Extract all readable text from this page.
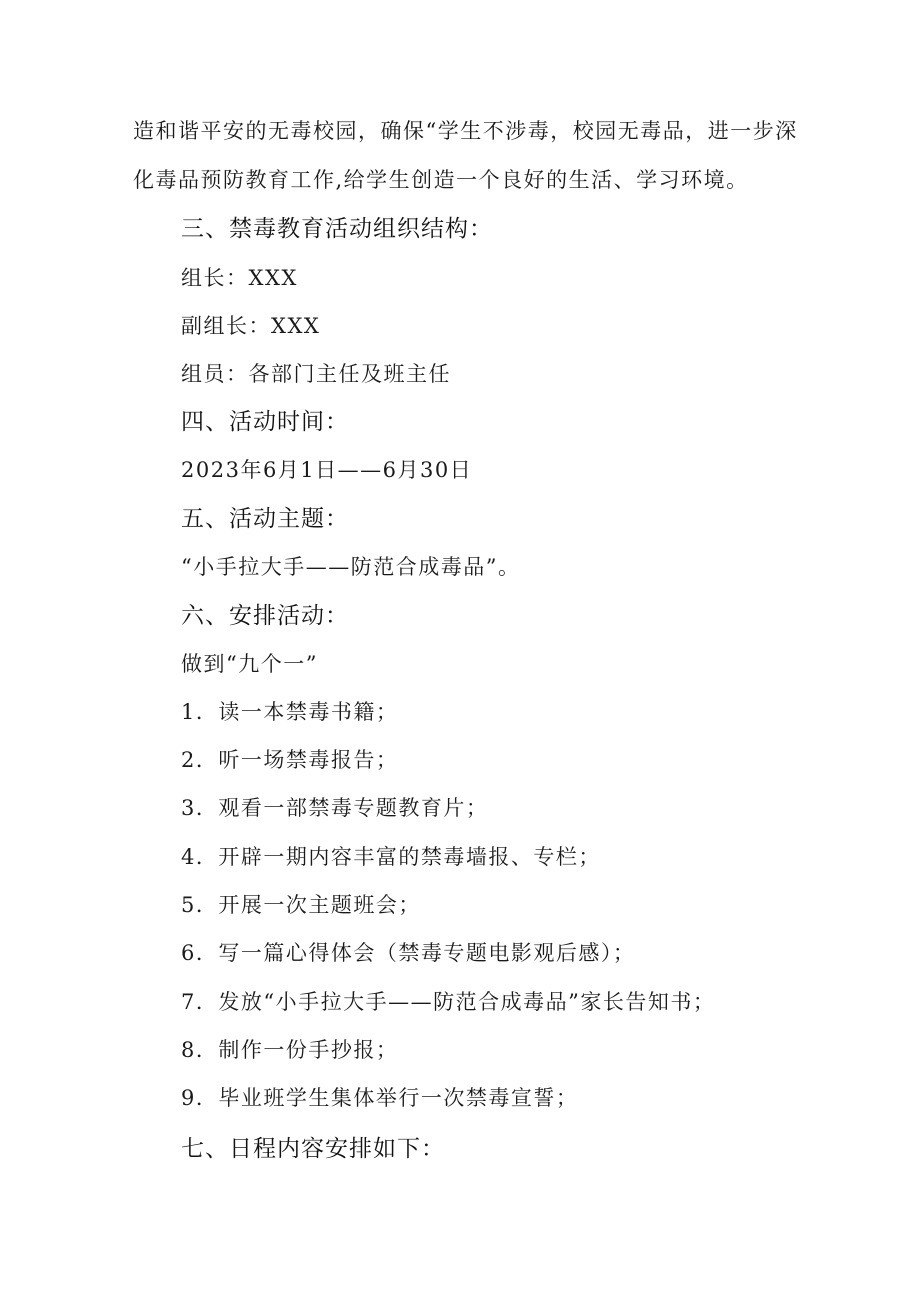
造和谐平安的无毒校园，确保“学生不涉毒，校园无毒品，进一步深
化毒品预防教育工作,给学生创造一个良好的生活、学习环境。
三、禁毒教育活动组织结构：
组长：XXX
副组长：XXX
组员：各部门主任及班主任
四、活动时间：
2023年6月1日——6月30日
五、活动主题：
“小手拉大手——防范合成毒品”。
六、安排活动：
做到“九个一”
1．读一本禁毒书籍；
2．听一场禁毒报告；
3．观看一部禁毒专题教育片；
4．开辟一期内容丰富的禁毒墙报、专栏；
5．开展一次主题班会；
6．写一篇心得体会（禁毒专题电影观后感）；
7．发放“小手拉大手——防范合成毒品”家长告知书；
8．制作一份手抄报；
9．毕业班学生集体举行一次禁毒宣誓；
七、日程内容安排如下：
